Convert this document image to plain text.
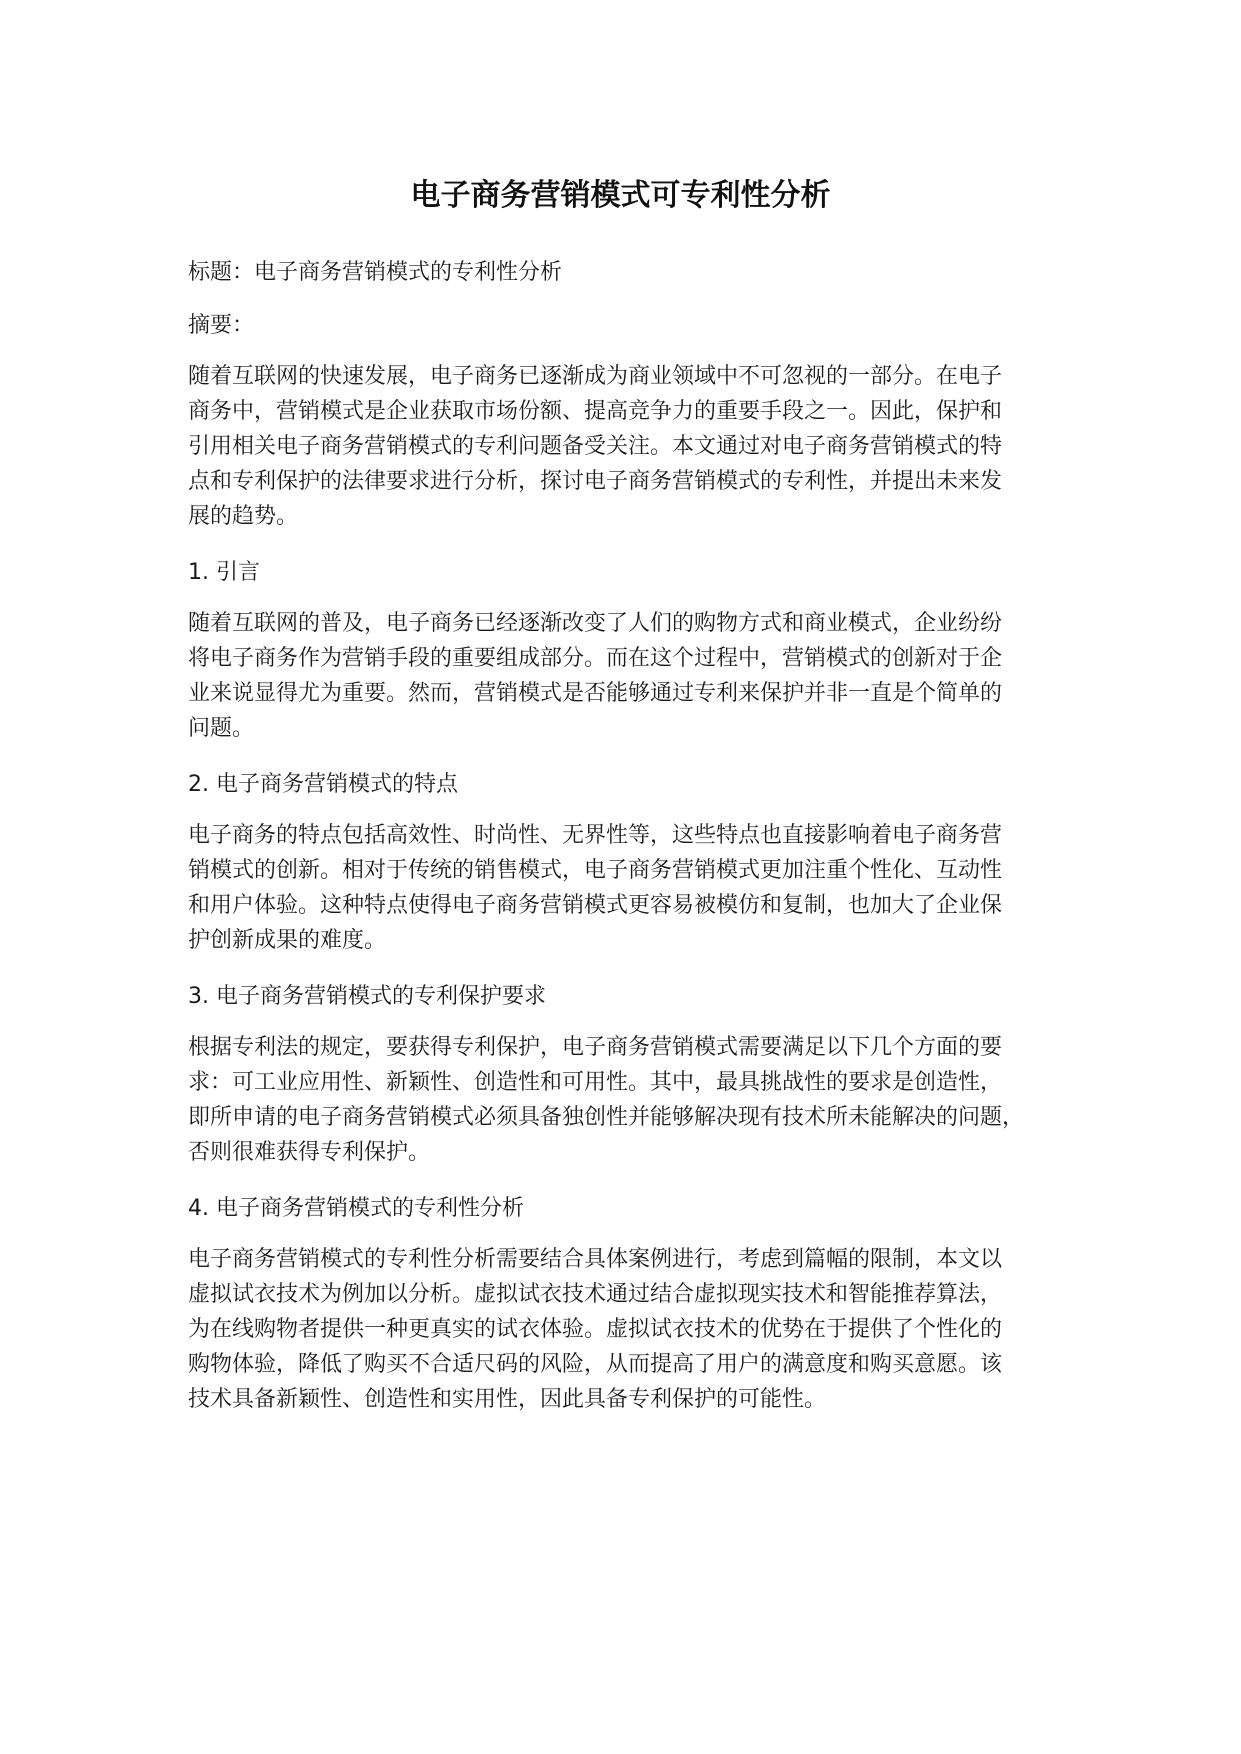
电子商务营销模式可专利性分析

标题：电子商务营销模式的专利性分析

摘要：

随着互联网的快速发展，电子商务已逐渐成为商业领域中不可忽视的一部分。在电子
商务中，营销模式是企业获取市场份额、提高竞争力的重要手段之一。因此，保护和
引用相关电子商务营销模式的专利问题备受关注。本文通过对电子商务营销模式的特
点和专利保护的法律要求进行分析，探讨电子商务营销模式的专利性，并提出未来发
展的趋势。

1. 引言

随着互联网的普及，电子商务已经逐渐改变了人们的购物方式和商业模式，企业纷纷
将电子商务作为营销手段的重要组成部分。而在这个过程中，营销模式的创新对于企
业来说显得尤为重要。然而，营销模式是否能够通过专利来保护并非一直是个简单的
问题。

2. 电子商务营销模式的特点

电子商务的特点包括高效性、时尚性、无界性等，这些特点也直接影响着电子商务营
销模式的创新。相对于传统的销售模式，电子商务营销模式更加注重个性化、互动性
和用户体验。这种特点使得电子商务营销模式更容易被模仿和复制，也加大了企业保
护创新成果的难度。

3. 电子商务营销模式的专利保护要求

根据专利法的规定，要获得专利保护，电子商务营销模式需要满足以下几个方面的要
求：可工业应用性、新颖性、创造性和可用性。其中，最具挑战性的要求是创造性，
即所申请的电子商务营销模式必须具备独创性并能够解决现有技术所未能解决的问题，
否则很难获得专利保护。

4. 电子商务营销模式的专利性分析

电子商务营销模式的专利性分析需要结合具体案例进行，考虑到篇幅的限制，本文以
虚拟试衣技术为例加以分析。虚拟试衣技术通过结合虚拟现实技术和智能推荐算法，
为在线购物者提供一种更真实的试衣体验。虚拟试衣技术的优势在于提供了个性化的
购物体验，降低了购买不合适尺码的风险，从而提高了用户的满意度和购买意愿。该
技术具备新颖性、创造性和实用性，因此具备专利保护的可能性。
